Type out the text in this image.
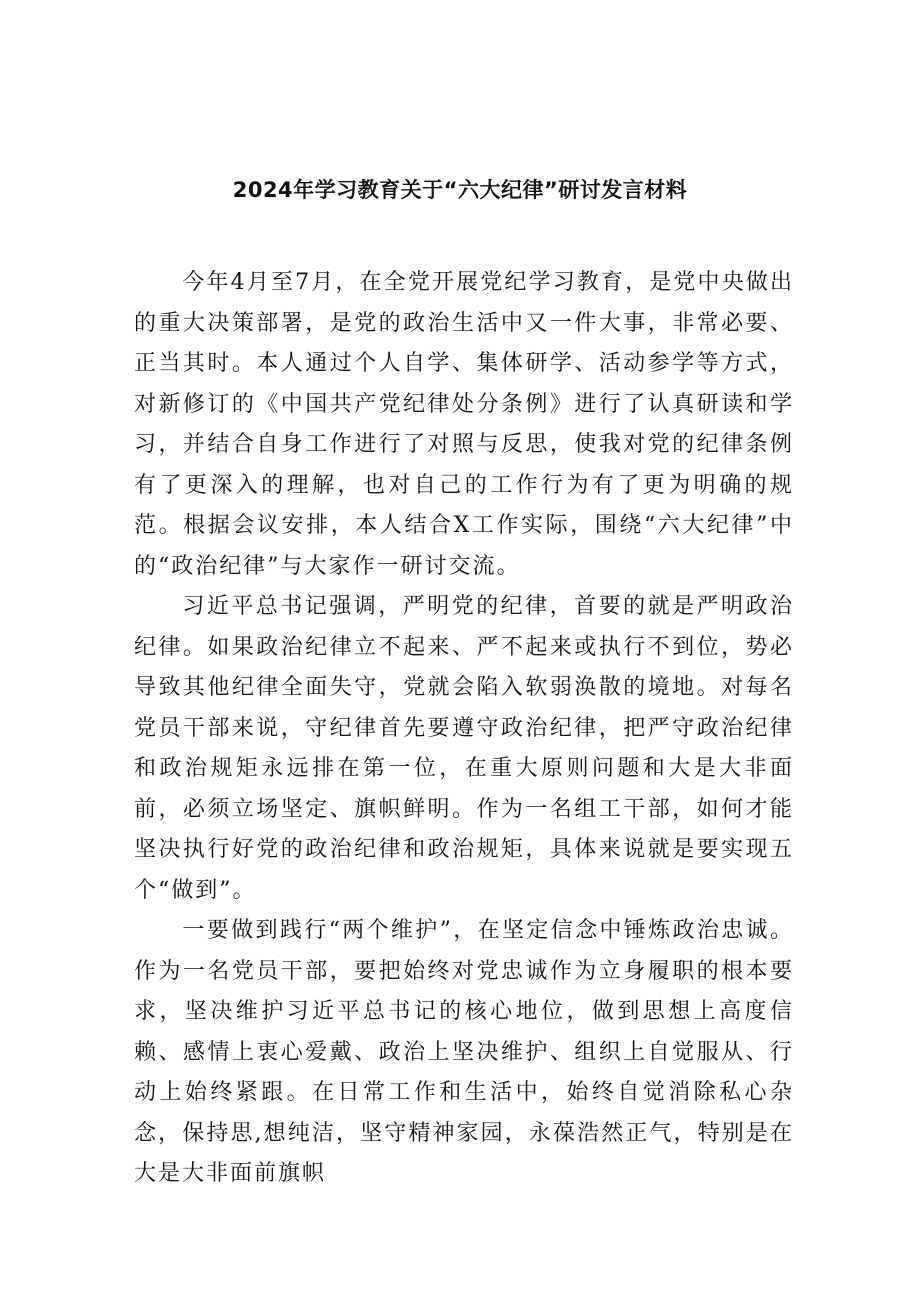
2024年学习教育关于“六大纪律”研讨发言材料

今年4月至7月，在全党开展党纪学习教育，是党中央做出的重大决策部署，是党的政治生活中又一件大事，非常必要、正当其时。本人通过个人自学、集体研学、活动参学等方式，对新修订的《中国共产党纪律处分条例》进行了认真研读和学习，并结合自身工作进行了对照与反思，使我对党的纪律条例有了更深入的理解，也对自己的工作行为有了更为明确的规范。根据会议安排，本人结合X工作实际，围绕“六大纪律”中的“政治纪律”与大家作一研讨交流。

习近平总书记强调，严明党的纪律，首要的就是严明政治纪律。如果政治纪律立不起来、严不起来或执行不到位，势必导致其他纪律全面失守，党就会陷入软弱涣散的境地。对每名党员干部来说，守纪律首先要遵守政治纪律，把严守政治纪律和政治规矩永远排在第一位，在重大原则问题和大是大非面前，必须立场坚定、旗帜鲜明。作为一名组工干部，如何才能坚决执行好党的政治纪律和政治规矩，具体来说就是要实现五个“做到”。

一要做到践行“两个维护”，在坚定信念中锤炼政治忠诚。作为一名党员干部，要把始终对党忠诚作为立身履职的根本要求，坚决维护习近平总书记的核心地位，做到思想上高度信赖、感情上衷心爱戴、政治上坚决维护、组织上自觉服从、行动上始终紧跟。在日常工作和生活中，始终自觉消除私心杂念，保持思,想纯洁，坚守精神家园，永葆浩然正气，特别是在大是大非面前旗帜
